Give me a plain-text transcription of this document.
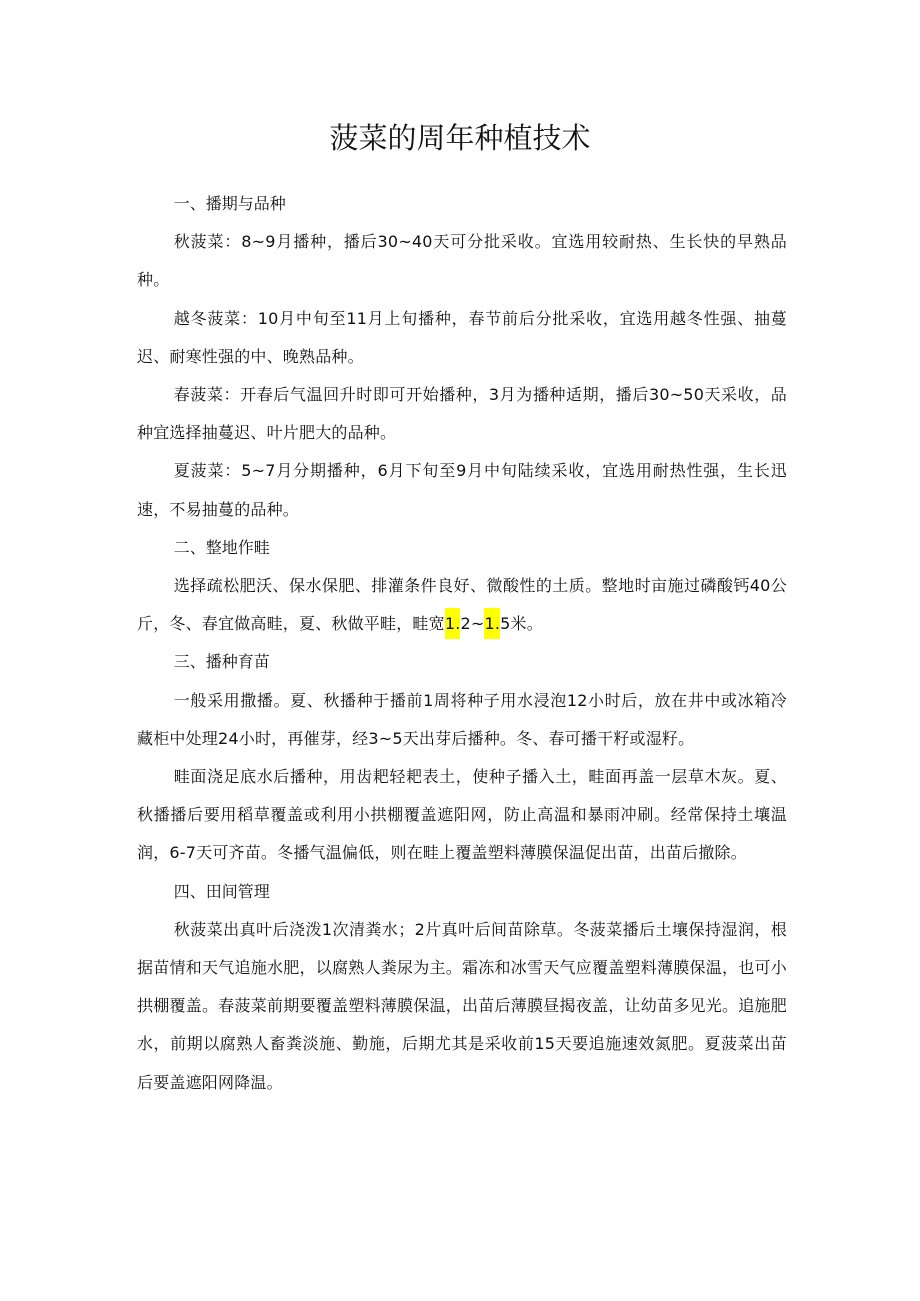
菠菜的周年种植技术

一、播期与品种

秋菠菜：8~9月播种，播后30~40天可分批采收。宜选用较耐热、生长快的早熟品种。

越冬菠菜：10月中旬至11月上旬播种，春节前后分批采收，宜选用越冬性强、抽蔓迟、耐寒性强的中、晚熟品种。

春菠菜：开春后气温回升时即可开始播种，3月为播种适期，播后30~50天采收，品种宜选择抽蔓迟、叶片肥大的品种。

夏菠菜：5~7月分期播种，6月下旬至9月中旬陆续采收，宜选用耐热性强，生长迅速，不易抽蔓的品种。

二、整地作畦

选择疏松肥沃、保水保肥、排灌条件良好、微酸性的土质。整地时亩施过磷酸钙40公斤，冬、春宜做高畦，夏、秋做平畦，畦宽1.2~1.5米。

三、播种育苗

一般采用撒播。夏、秋播种于播前1周将种子用水浸泡12小时后，放在井中或冰箱冷藏柜中处理24小时，再催芽，经3~5天出芽后播种。冬、春可播干籽或湿籽。

畦面浇足底水后播种，用齿耙轻耙表土，使种子播入土，畦面再盖一层草木灰。夏、秋播播后要用稻草覆盖或利用小拱棚覆盖遮阳网，防止高温和暴雨冲刷。经常保持土壤温润，6-7天可齐苗。冬播气温偏低，则在畦上覆盖塑料薄膜保温促出苗，出苗后撤除。

四、田间管理

秋菠菜出真叶后浇泼1次清粪水；2片真叶后间苗除草。冬菠菜播后土壤保持湿润，根据苗情和天气追施水肥，以腐熟人粪尿为主。霜冻和冰雪天气应覆盖塑料薄膜保温，也可小拱棚覆盖。春菠菜前期要覆盖塑料薄膜保温，出苗后薄膜昼揭夜盖，让幼苗多见光。追施肥水，前期以腐熟人畜粪淡施、勤施，后期尤其是采收前15天要追施速效氮肥。夏菠菜出苗后要盖遮阳网降温。
